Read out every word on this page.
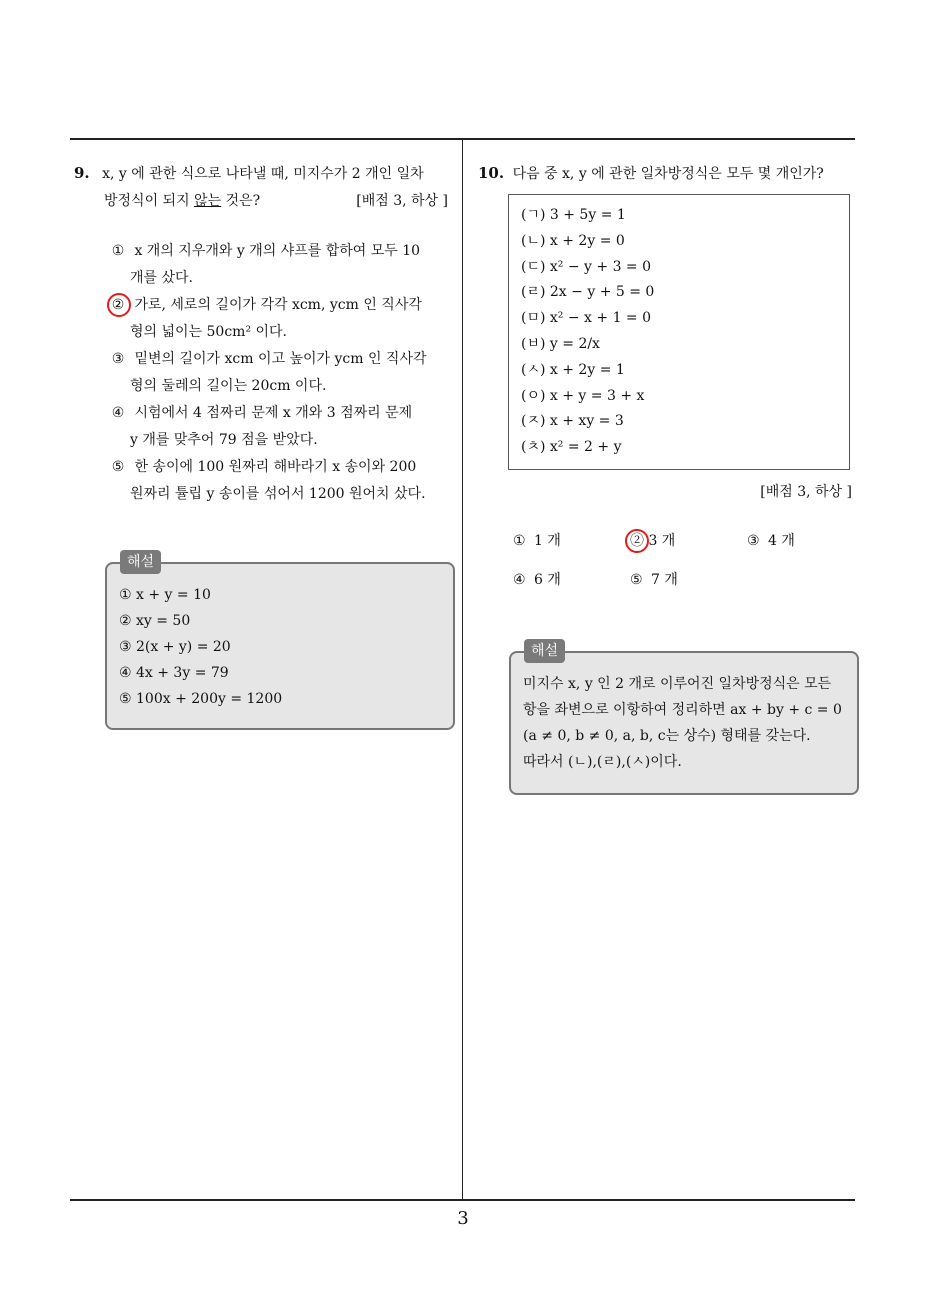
9. x, y 에 관한 식으로 나타낼 때, 미지수가 2 개인 일차
방정식이 되지 않는 것은?	[배점 3, 하상 ]
① x 개의 지우개와 y 개의 샤프를 합하여 모두 10
개를 샀다.
② 가로, 세로의 길이가 각각 xcm, ycm 인 직사각
형의 넓이는 50cm² 이다.
③ 밑변의 길이가 xcm 이고 높이가 ycm 인 직사각
형의 둘레의 길이는 20cm 이다.
④ 시험에서 4 점짜리 문제 x 개와 3 점짜리 문제
y 개를 맞추어 79 점을 받았다.
⑤ 한 송이에 100 원짜리 해바라기 x 송이와 200
원짜리 튤립 y 송이를 섞어서 1200 원어치 샀다.
① x + y = 10
② xy = 50
③ 2(x + y) = 20
④ 4x + 3y = 79
⑤ 100x + 200y = 1200
해설
10. 다음 중 x, y 에 관한 일차방정식은 모두 몇 개인가?
(ㄱ) 3 + 5y = 1
(ㄴ) x + 2y = 0
(ㄷ) x² − y + 3 = 0
(ㄹ) 2x − y + 5 = 0
(ㅁ) x² − x + 1 = 0
(ㅂ) y = 2/x
(ㅅ) x + 2y = 1
(ㅇ) x + y = 3 + x
(ㅈ) x + xy = 3
(ㅊ) x² = 2 + y
[배점 3, 하상 ]
① 1 개	② 3 개	③ 4 개
④ 6 개	⑤ 7 개
미지수 x, y 인 2 개로 이루어진 일차방정식은 모든
항을 좌변으로 이항하여 정리하면 ax + by + c = 0
(a ≠ 0, b ≠ 0, a, b, c는 상수) 형태를 갖는다.
따라서 (ㄴ),(ㄹ),(ㅅ)이다.
해설
3
